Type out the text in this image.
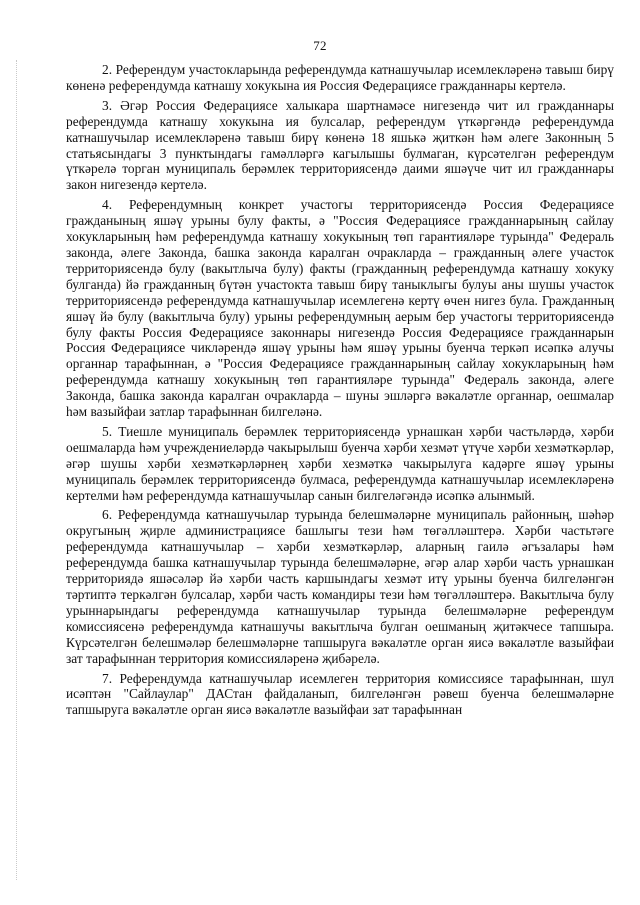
72

2. Референдум участокларында референдумда катнашучылар исемлекләренә тавыш бирү көненә референдумда катнашу хокукына ия Россия Федерациясе гражданнары кертелә.

3. Әгәр Россия Федерациясе халыкара шартнамәсе нигезендә чит ил гражданнары референдумда катнашу хокукына ия булсалар, референдум үткәргәндә референдумда катнашучылар исемлекләренә тавыш бирү көненә 18 яшькә җиткән һәм әлеге Законның 5 статьясындагы 3 пунктындагы гамәлләргә кагылышы булмаган, күрсәтелгән референдум үткәрелә торган муниципаль берәмлек территориясендә даими яшәүче чит ил гражданнары закон нигезендә кертелә.

4. Референдумның конкрет участогы территориясендә Россия Федерациясе гражданының яшәү урыны булу факты, ә "Россия Федерациясе гражданнарының сайлау хокукларының һәм референдумда катнашу хокукының төп гарантияләре турында" Федераль законда, әлеге Законда, башка законда каралган очракларда – гражданның әлеге участок территориясендә булу (вакытлыча булу) факты (гражданның референдумда катнашу хокуку булганда) йә гражданның бүтән участокта тавыш бирү таныклыгы булуы аны шушы участок территориясендә референдумда катнашучылар исемлегенә кертү өчен нигез була. Гражданның яшәү йә булу (вакытлыча булу) урыны референдумның аерым бер участогы территориясендә булу факты Россия Федерациясе законнары нигезендә Россия Федерациясе гражданнарын Россия Федерациясе чикләрендә яшәү урыны һәм яшәү урыны буенча теркәп исәпкә алучы органнар тарафыннан, ә "Россия Федерациясе гражданнарының сайлау хокукларының һәм референдумда катнашу хокукының төп гарантияләре турында" Федераль законда, әлеге Законда, башка законда каралган очракларда – шуны эшләргә вәкаләтле органнар, оешмалар һәм вазыйфаи затлар тарафыннан билгеләнә.

5. Тиешле муниципаль берәмлек территориясендә урнашкан хәрби частьләрдә, хәрби оешмаларда һәм учреждениеләрдә чакырылыш буенча хәрби хезмәт үтүче хәрби хезмәткәрләр, әгәр шушы хәрби хезмәткәрләрнең хәрби хезмәткә чакырылуга кадәрге яшәү урыны муниципаль берәмлек территориясендә булмаса, референдумда катнашучылар исемлекләренә кертелми һәм референдумда катнашучылар санын билгеләгәндә исәпкә алынмый.

6. Референдумда катнашучылар турында белешмәләрне муниципаль районның, шәһәр округының җирле администрациясе башлыгы тези һәм төгәлләштерә. Хәрби частьтәге референдумда катнашучылар – хәрби хезмәткәрләр, аларның гаилә әгъзалары һәм референдумда башка катнашучылар турында белешмәләрне, әгәр алар хәрби часть урнашкан территориядә яшәсәләр йә хәрби часть каршындагы хезмәт итү урыны буенча билгеләнгән тәртиптә теркәлгән булсалар, хәрби часть командиры тези һәм төгәлләштерә. Вакытлыча булу урыннарындагы референдумда катнашучылар турында белешмәләрне референдум комиссиясенә референдумда катнашучы вакытлыча булган оешманың җитәкчесе тапшыра. Күрсәтелгән белешмәләр белешмәләрне тапшыруга вәкаләтле орган яисә вәкаләтле вазыйфаи зат тарафыннан территория комиссияләренә җибәрелә.

7. Референдумда катнашучылар исемлеген территория комиссиясе тарафыннан, шул исәптән "Сайлаулар" ДАСтан файдаланып, билгеләнгән рәвеш буенча белешмәләрне тапшыруга вәкаләтле орган яисә вәкаләтле вазыйфаи зат тарафыннан
